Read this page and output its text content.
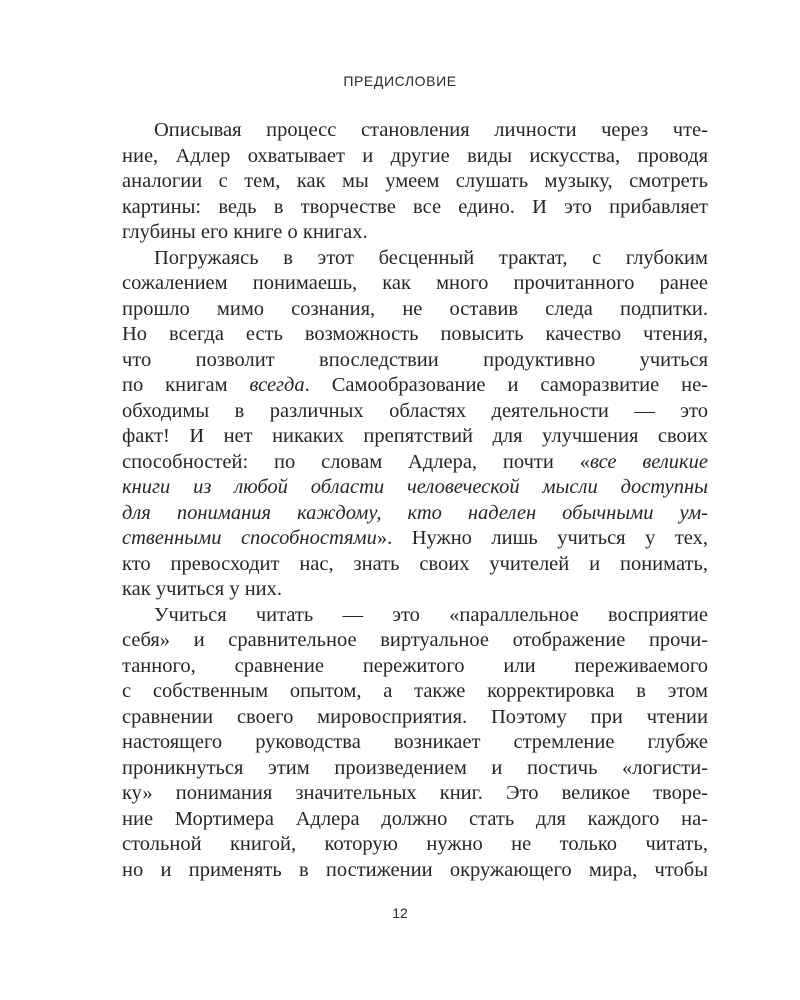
ПРЕДИСЛОВИЕ
Описывая процесс становления личности через чте-
ние, Адлер охватывает и другие виды искусства, проводя
аналогии с тем, как мы умеем слушать музыку, смотреть
картины: ведь в творчестве все едино. И это прибавляет
глубины его книге о книгах.
Погружаясь в этот бесценный трактат, с глубоким
сожалением понимаешь, как много прочитанного ранее
прошло мимо сознания, не оставив следа подпитки.
Но всегда есть возможность повысить качество чтения,
что позволит впоследствии продуктивно учиться
по книгам всегда. Самообразование и саморазвитие не-
обходимы в различных областях деятельности — это
факт! И нет никаких препятствий для улучшения своих
способностей: по словам Адлера, почти «все великие
книги из любой области человеческой мысли доступны
для понимания каждому, кто наделен обычными ум-
ственными способностями». Нужно лишь учиться у тех,
кто превосходит нас, знать своих учителей и понимать,
как учиться у них.
Учиться читать — это «параллельное восприятие
себя» и сравнительное виртуальное отображение прочи-
танного, сравнение пережитого или переживаемого
с собственным опытом, а также корректировка в этом
сравнении своего мировосприятия. Поэтому при чтении
настоящего руководства возникает стремление глубже
проникнуться этим произведением и постичь «логисти-
ку» понимания значительных книг. Это великое творе-
ние Мортимера Адлера должно стать для каждого на-
стольной книгой, которую нужно не только читать,
но и применять в постижении окружающего мира, чтобы
12
